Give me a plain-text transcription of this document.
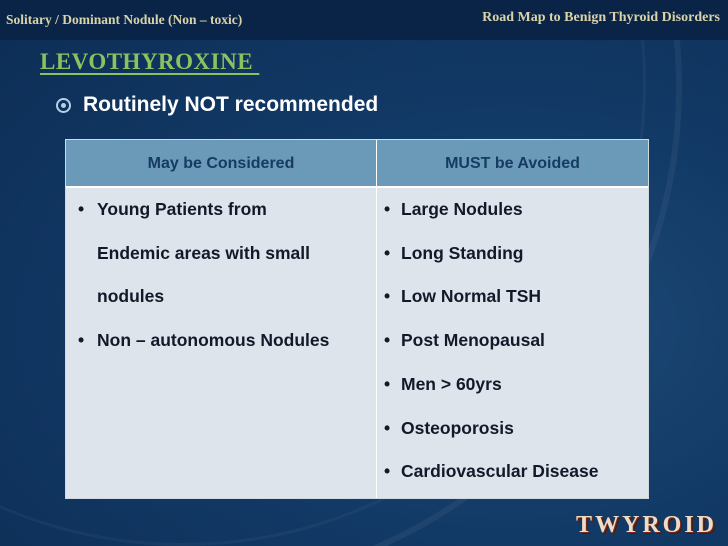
Solitary / Dominant Nodule (Non – toxic)	Road Map to Benign Thyroid Disorders
LEVOTHYROXINE
Routinely NOT recommended
May be Considered	MUST be Avoided
• Young Patients from Endemic areas with small nodules
• Non – autonomous Nodules
• Large Nodules
• Long Standing
• Low Normal TSH
• Post Menopausal
• Men > 60yrs
• Osteoporosis
• Cardiovascular Disease
TWYROID
